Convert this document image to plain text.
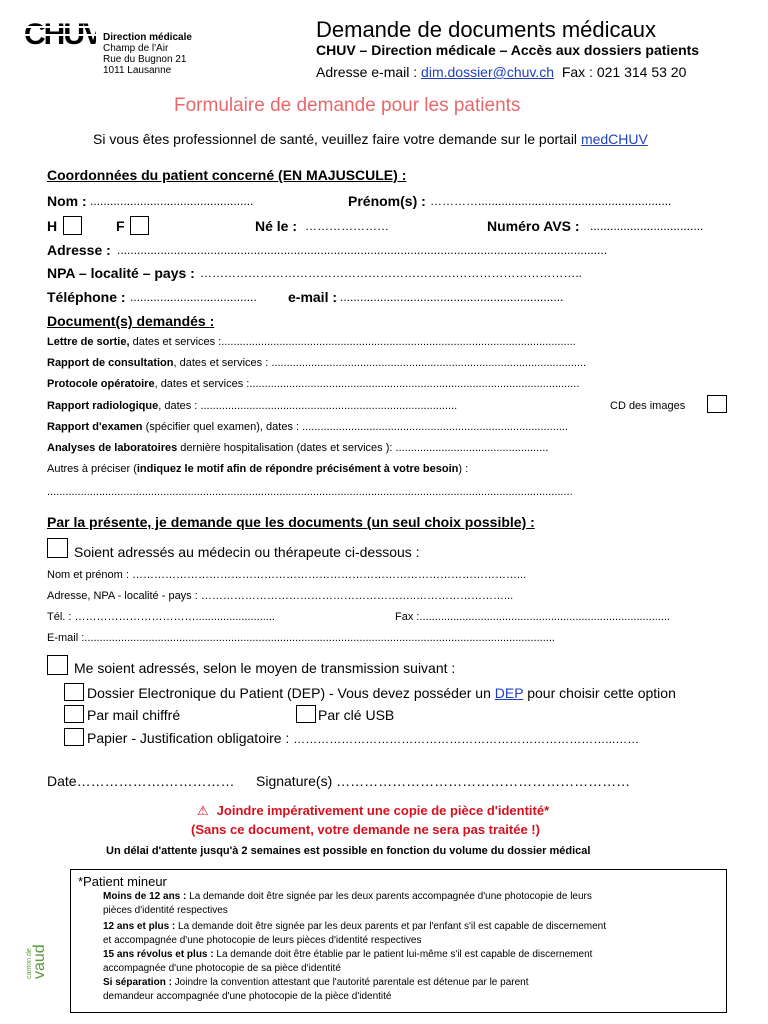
CHUV Direction médicale
Champ de l'Air
Rue du Bugnon 21
1011 Lausanne
Demande de documents médicaux
CHUV – Direction médicale – Accès aux dossiers patients
Adresse e-mail : dim.dossier@chuv.ch  Fax : 021 314 53 20
Formulaire de demande pour les patients
Si vous êtes professionnel de santé, veuillez faire votre demande sur le portail medCHUV
Coordonnées du patient concerné (EN MAJUSCULE) :
Nom : .................................................	Prénom(s) : …………..........................................................
H	F	Né le : …………………	Numéro AVS : ..................................
Adresse : ...................................................................................................................................................
NPA – localité – pays : ……………………………………………………….…………………………..
Téléphone : ...................................... e-mail : ...................................................................
Document(s) demandés :
Lettre de sortie, dates et services :....................................................................................................................
Rapport de consultation, dates et services : .......................................................................................................
Protocole opératoire, dates et services :............................................................................................................
Rapport radiologique, dates : ....................................................................................	CD des images
Rapport d'examen (spécifier quel examen), dates : .......................................................................................
Analyses de laboratoires dernière hospitalisation (dates et services ): ..................................................
Autres à préciser (indiquez le motif afin de répondre précisément à votre besoin) :
............................................................................................................................................................................
Par la présente, je demande que les documents (un seul choix possible) :
Soient adressés au médecin ou thérapeute ci-dessous :
Nom et prénom : ……………………………………………………………………………………………...
Adresse, NPA - localité - pays : …………………………………………………..……………………...
Tél. : ……………………………..........................	Fax :..................................................................................
E-mail :..........................................................................................................................................................
Me soient adressés, selon le moyen de transmission suivant :
Dossier Electronique du Patient (DEP) - Vous devez posséder un DEP pour choisir cette option
Par mail chiffré	Par clé USB
Papier - Justification obligatoire : ……………………………………………………………………...……
Date……………….…………… Signature(s) ………………………………………………………
⚠ Joindre impérativement une copie de pièce d'identité*
(Sans ce document, votre demande ne sera pas traitée !)
Un délai d'attente jusqu'à 2 semaines est possible en fonction du volume du dossier médical
*Patient mineur
Moins de 12 ans : La demande doit être signée par les deux parents accompagnée d'une photocopie de leurs
pièces d'identité respectives
12 ans et plus : La demande doit être signée par les deux parents et par l'enfant s'il est capable de discernement
et accompagnée d'une photocopie de leurs pièces d'identité respectives
15 ans révolus et plus : La demande doit être établie par le patient lui-même s'il est capable de discernement
accompagnée d'une photocopie de sa pièce d'identité
Si séparation : Joindre la convention attestant que l'autorité parentale est détenue par le parent
demandeur accompagnée d'une photocopie de la pièce d'identité
canton de
vaud
